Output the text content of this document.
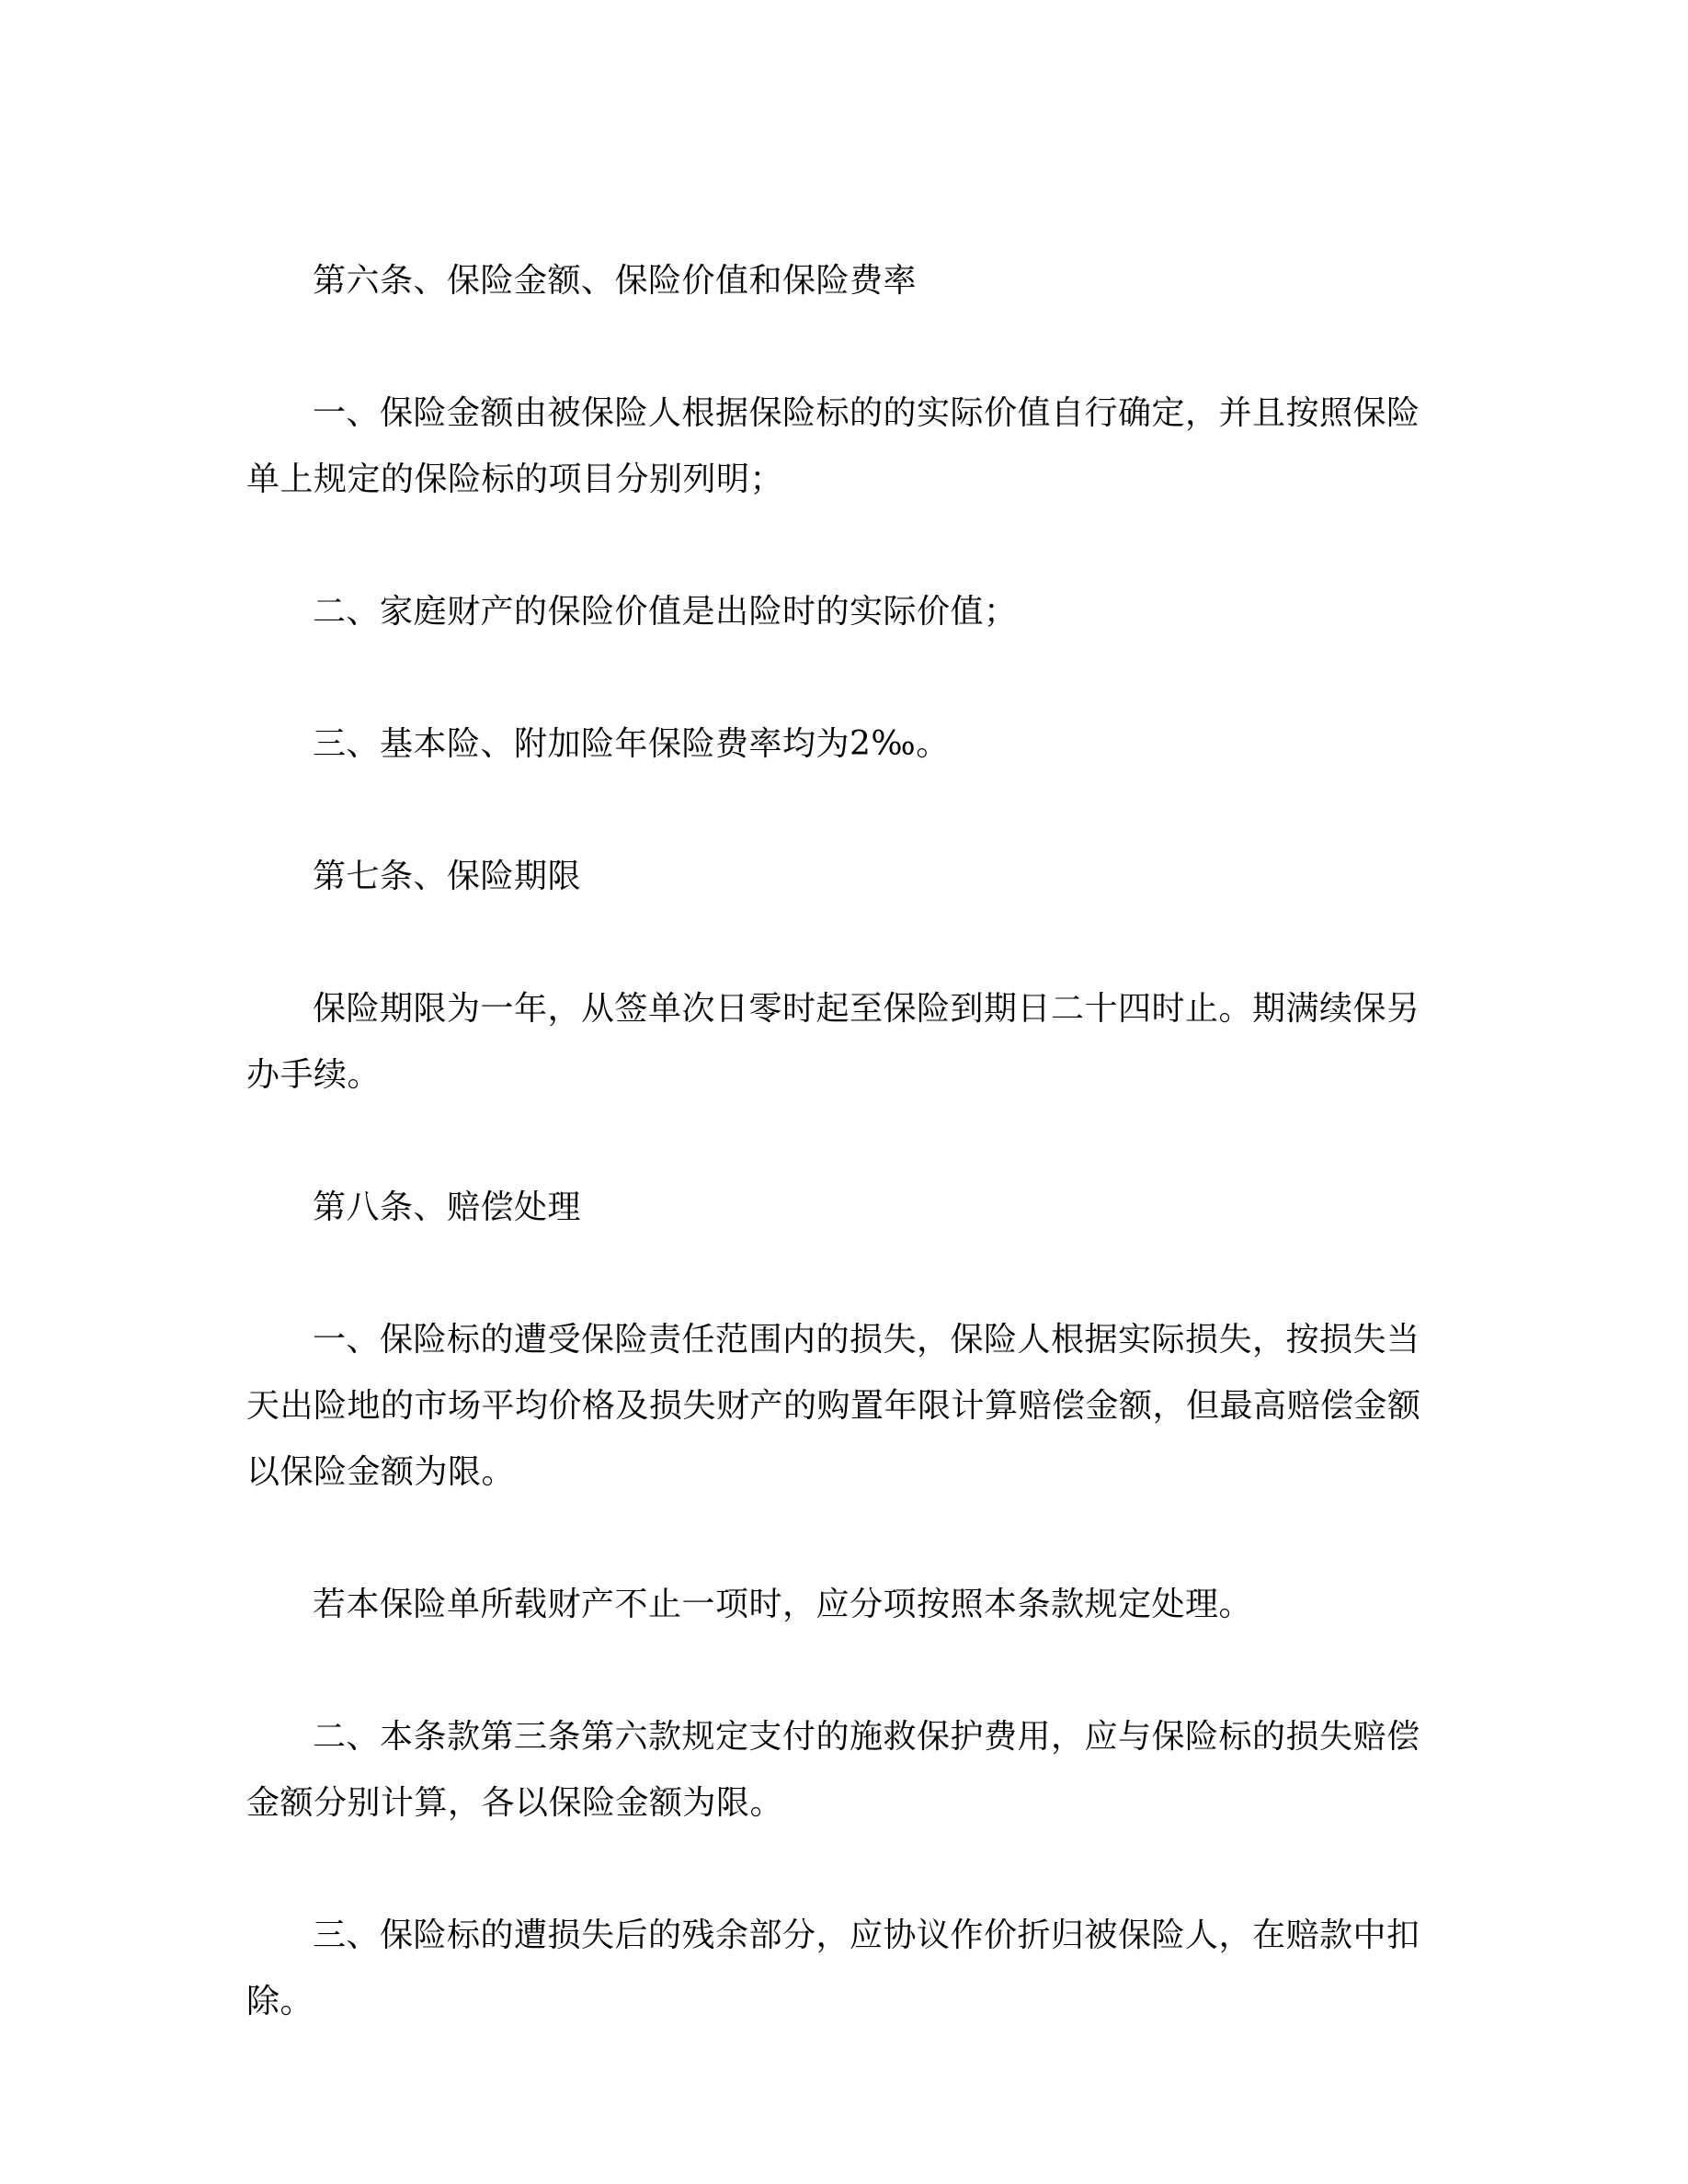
第六条、保险金额、保险价值和保险费率

一、保险金额由被保险人根据保险标的的实际价值自行确定，并且按照保险单上规定的保险标的项目分别列明；

二、家庭财产的保险价值是出险时的实际价值；

三、基本险、附加险年保险费率均为2‰。

第七条、保险期限

保险期限为一年，从签单次日零时起至保险到期日二十四时止。期满续保另办手续。

第八条、赔偿处理

一、保险标的遭受保险责任范围内的损失，保险人根据实际损失，按损失当天出险地的市场平均价格及损失财产的购置年限计算赔偿金额，但最高赔偿金额以保险金额为限。

若本保险单所载财产不止一项时，应分项按照本条款规定处理。

二、本条款第三条第六款规定支付的施救保护费用，应与保险标的损失赔偿金额分别计算，各以保险金额为限。

三、保险标的遭损失后的残余部分，应协议作价折归被保险人，在赔款中扣除。
